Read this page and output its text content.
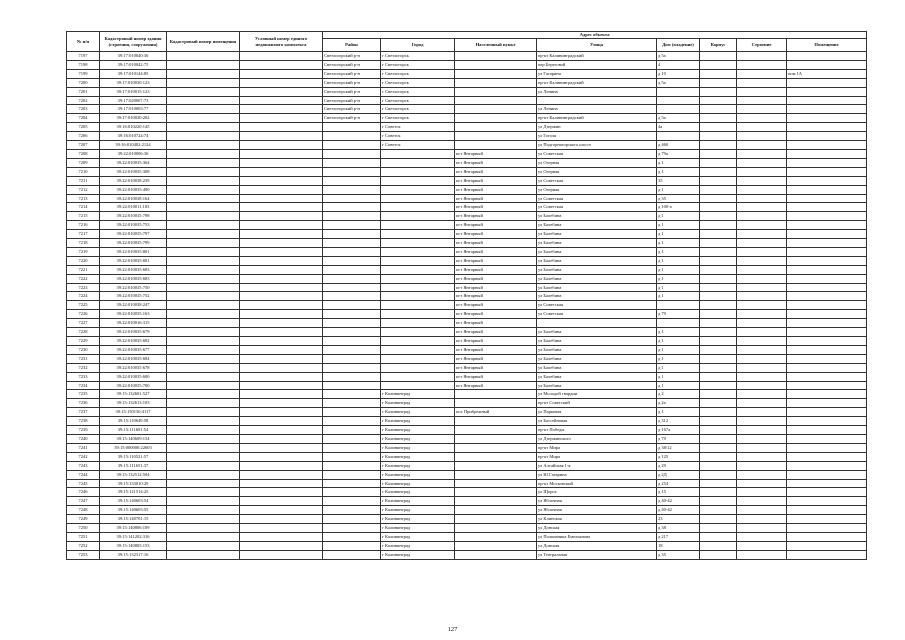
№ п/п	Кадастровый номер здания (строения, сооружения)	Кадастровый номер помещения	Условный номер единого недвижимого комплекса	Адрес объекта							
				Район	Город	Населенный пункт	Улица	Дом (владение)	Корпус	Строение	Помещение
7197	39:17:010040:36			Светлогорский р-н	г Светлогорск		пр-кт Калининградский	д 5а			
7198	39:17:010042:75			Светлогорский р-н	г Светлогорск		пер Береговой	4			
7199	39:17:010144:85			Светлогорский р-н	г Светлогорск		ул Гагарина	д 10			пом 1А
7200	39:17:010030:123			Светлогорский р-н	г Светлогорск		пр-кт Калининградский	д 5а			
7201	39:17:010015:123			Светлогорский р-н	г Светлогорск		ул Ленина				
7202	39:17:020007:73			Светлогорский р-н	г Светлогорск						
7203	39:17:010003:77			Светлогорский р-н	г Светлогорск		ул Ленина				
7204	39:17:010030:202			Светлогорский р-н	г Светлогорск		пр-кт Калининградский	д 5а			
7205	39:16:010220:145				г Советск		ул Дзержин	4а			
7206	39:16:010724:74				г Советск		ул Гоголя				
7207	39:16:010402:2124				г Советск		ул Подгорнагорского шоссе	д 460			
7208	39:22:010006:36					пгт Янтарный	ул Советская	д 79а			
7209	39:22:010035:364					пгт Янтарный	ул Озерная	д 1			
7210	39:22:010035:308					пгт Янтарный	ул Озерная	д 1			
7211	39:22:010038:239					пгт Янтарный	ул Советская	35			
7212	39:22:010035:490					пгт Янтарный	ул Озерная	д 1			
7213	39:22:010038:164					пгт Янтарный	ул Советская	д 35			
7214	39:22:010011:183					пгт Янтарный	ул Советская	д 100-а			
7215	39:22:010035:798					пгт Янтарный	ул Балебина	д 1			
7216	39:22:010035:753					пгт Янтарный	ул Балебина	д 1			
7217	39:22:010035:797					пгт Янтарный	ул Балебина	д 1			
7218	39:22:010035:799					пгт Янтарный	ул Балебина	д 1			
7219	39:22:010035:801					пгт Янтарный	ул Балебина	д 1			
7220	39:22:010035:681					пгт Янтарный	ул Балебина	д 1			
7221	39:22:010035:683					пгт Янтарный	ул Балебина	д 1			
7222	39:22:010035:683					пгт Янтарный	ул Балебина	д 1			
7223	39:22:010035:750					пгт Янтарный	ул Балебина	д 1			
7224	39:22:010035:752					пгт Янтарный	ул Балебина	д 1			
7225	39:22:010038:247					пгт Янтарный	ул Советская				
7226	39:22:010035:163					пгт Янтарный	ул Советская	д 79			
7227	39:22:010016:315					пгт Янтарный					
7228	39:22:010035:679					пгт Янтарный	ул Балебина	д 1			
7229	39:22:010035:682					пгт Янтарный	ул Балебина	д 1			
7230	39:22:010035:677					пгт Янтарный	ул Балебина	д 1			
7231	39:22:010035:684					пгт Янтарный	ул Балебина	д 1			
7232	39:22:010035:678					пгт Янтарный	ул Балебина	д 1			
7233	39:22:010035:680					пгт Янтарный	ул Балебина	д 1			
7234	39:22:010035:700					пгт Янтарный	ул Балебина	д 1			
7235	39:15:132601:527				г Калининград		ул Молодой гвардии	д 2			
7236	39:15:132613:103				г Калининград		пр-кт Советский	д 2а			
7237	39:15:150130:4117				г Калининград	пос Прибрежный	ул Парковая	д 1			
7238	39:15:110649:58				г Калининград		ул Бассейновая	д 312			
7239	39:15:111601:54				г Калининград		пр-кт Победы	д 167а			
7240	39:15:140609:154				г Калининград		ул Дзержинского	д 79			
7241	39:15:000000:22603				г Калининград		пр-кт Мира	д 38/12			
7242	39:15:110521:57				г Калининград		пр-кт Мира	д 125			
7243	39:15:111651:37				г Калининград		ул Алтайская 1-я	д 29			
7244	39:15:132512:504				г Калининград		ул Ю.Гагарина	д 2Д			
7245	39:15:133010:29				г Калининград		пр-кт Московский	д 254			
7246	39:15:121514:25				г Калининград		ул Щорса	д 15			
7247	39:15:140603:54				г Калининград		ул Яблочная	д 40-42			
7248	39:15:140603:55				г Калининград		ул Яблочная	д 40-42			
7249	39:15:140701:15				г Калининград		ул Клинская	23			
7250	39:15:140806:109				г Калининград		ул Донская	д 38			
7251	39:15:141202:316				г Калининград		ул Полковника Емельянова	д 217			
7252	39:15:140805:153				г Калининград		ул Донская	18			
7253	39:15:132317:16				г Калининград		ул Театральная	д 35			
127
